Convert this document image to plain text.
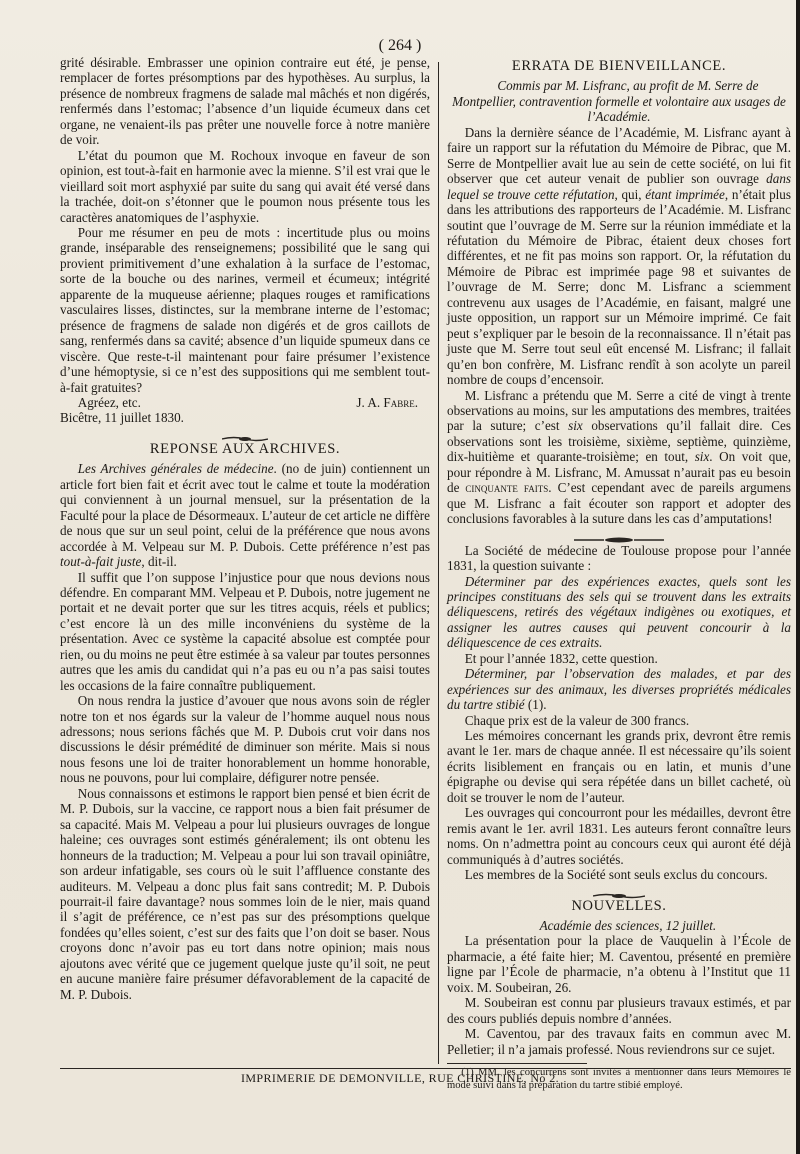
( 264 )

grité désirable. Embrasser une opinion contraire eut été, je pense, remplacer de fortes présomptions par des hypothèses. Au surplus, la présence de nombreux fragmens de salade mal mâchés et non digérés, renfermés dans l’estomac; l’absence d’un liquide écumeux dans cet organe, ne venaient-ils pas prêter une nouvelle force à notre manière de voir.

L’état du poumon que M. Rochoux invoque en faveur de son opinion, est tout-à-fait en harmonie avec la mienne. S’il est vrai que le vieillard soit mort asphyxié par suite du sang qui avait été versé dans la trachée, doit-on s’étonner que le poumon nous présente tous les caractères anatomiques de l’asphyxie.

Pour me résumer en peu de mots : incertitude plus ou moins grande, inséparable des renseignemens; possibilité que le sang qui provient primitivement d’une exhalation à la surface de l’estomac, sorte de la bouche ou des narines, vermeil et écumeux; intégrité apparente de la muqueuse aérienne; plaques rouges et ramifications vasculaires lisses, distinctes, sur la membrane interne de l’estomac; présence de fragmens de salade non digérés et de gros caillots de sang, renfermés dans sa cavité; absence d’un liquide spumeux dans ce viscère. Que reste-t-il maintenant pour faire présumer l’existence d’une hémoptysie, si ce n’est des suppositions qui me semblent tout-à-fait gratuites?

Agréez, etc.	J. A. Fabre.

Bicêtre, 11 juillet 1830.

REPONSE AUX ARCHIVES.

Les Archives générales de médecine. (no de juin) contiennent un article fort bien fait et écrit avec tout le calme et toute la modération qui conviennent à un journal mensuel, sur la présentation de la Faculté pour la place de Désormeaux. L’auteur de cet article ne diffère de nous que sur un seul point, celui de la préférence que nous avons accordée à M. Velpeau sur M. P. Dubois. Cette préférence n’est pas tout-à-fait juste, dit-il.

Il suffit que l’on suppose l’injustice pour que nous devions nous défendre. En comparant MM. Velpeau et P. Dubois, notre jugement ne portait et ne devait porter que sur les titres acquis, réels et publics; c’est encore là un des mille inconvéniens du système de la présentation. Avec ce système la capacité absolue est comptée pour rien, ou du moins ne peut être estimée à sa valeur par toutes personnes autres que les amis du candidat qui n’a pas eu ou n’a pas saisi toutes les occasions de la faire connaître publiquement.

On nous rendra la justice d’avouer que nous avons soin de régler notre ton et nos égards sur la valeur de l’homme auquel nous nous adressons; nous serions fâchés que M. P. Dubois crut voir dans nos discussions le désir prémédité de diminuer son mérite. Mais si nous nous fesons une loi de traiter honorablement un homme honorable, nous ne pouvons, pour lui complaire, défigurer notre pensée.

Nous connaissons et estimons le rapport bien pensé et bien écrit de M. P. Dubois, sur la vaccine, ce rapport nous a bien fait présumer de sa capacité. Mais M. Velpeau a pour lui plusieurs ouvrages de longue haleine; ces ouvrages sont estimés généralement; ils ont obtenu les honneurs de la traduction; M. Velpeau a pour lui son travail opiniâtre, son ardeur infatigable, ses cours où le suit l’affluence constante des auditeurs. M. Velpeau a donc plus fait sans contredit; M. P. Dubois pourrait-il faire davantage? nous sommes loin de le nier, mais quand il s’agit de préférence, ce n’est pas sur des présomptions quelque fondées qu’elles soient, c’est sur des faits que l’on doit se baser. Nous croyons donc n’avoir pas eu tort dans notre opinion; mais nous ajoutons avec vérité que ce jugement quelque juste qu’il soit, ne peut en aucune manière faire présumer défavorablement de la capacité de M. P. Dubois.

ERRATA DE BIENVEILLANCE.

Commis par M. Lisfranc, au profit de M. Serre de Montpellier, contravention formelle et volontaire aux usages de l’Académie.

Dans la dernière séance de l’Académie, M. Lisfranc ayant à faire un rapport sur la réfutation du Mémoire de Pibrac, que M. Serre de Montpellier avait lue au sein de cette société, on lui fit observer que cet auteur venait de publier son ouvrage dans lequel se trouve cette réfutation, qui, étant imprimée, n’était plus dans les attributions des rapporteurs de l’Académie. M. Lisfranc soutint que l’ouvrage de M. Serre sur la réunion immédiate et la réfutation du Mémoire de Pibrac, étaient deux choses fort différentes, et ne fit pas moins son rapport. Or, la réfutation du Mémoire de Pibrac est imprimée page 98 et suivantes de l’ouvrage de M. Serre; donc M. Lisfranc a sciemment contrevenu aux usages de l’Académie, en faisant, malgré une juste opposition, un rapport sur un Mémoire imprimé. Ce fait peut s’expliquer par le besoin de la reconnaissance. Il n’était pas juste que M. Serre tout seul eût encensé M. Lisfranc; il fallait qu’en bon confrère, M. Lisfranc rendît à son acolyte un pareil nombre de coups d’encensoir.

M. Lisfranc a prétendu que M. Serre a cité de vingt à trente observations au moins, sur les amputations des membres, traitées par la suture; c’est six observations qu’il fallait dire. Ces observations sont les troisième, sixième, septième, quinzième, dix-huitième et quarante-troisième; en tout, six. On voit que, pour répondre à M. Lisfranc, M. Amussat n’aurait pas eu besoin de cinquante faits. C’est cependant avec de pareils argumens que M. Lisfranc a fait écouter son rapport et adopter des conclusions favorables à la suture dans les cas d’amputations!

La Société de médecine de Toulouse propose pour l’année 1831, la question suivante :

Déterminer par des expériences exactes, quels sont les principes constituans des sels qui se trouvent dans les extraits déliquescens, retirés des végétaux indigènes ou exotiques, et assigner les autres causes qui peuvent concourir à la déliquescence de ces extraits.

Et pour l’année 1832, cette question.

Déterminer, par l’observation des malades, et par des expériences sur des animaux, les diverses propriétés médicales du tartre stibié (1).

Chaque prix est de la valeur de 300 francs.

Les mémoires concernant les grands prix, devront être remis avant le 1er. mars de chaque année. Il est nécessaire qu’ils soient écrits lisiblement en français ou en latin, et munis d’une épigraphe ou devise qui sera répétée dans un billet cacheté, où doit se trouver le nom de l’auteur.

Les ouvrages qui concourront pour les médailles, devront être remis avant le 1er. avril 1831. Les auteurs feront connaître leurs noms. On n’admettra point au concours ceux qui auront été déjà communiqués à d’autres sociétés.

Les membres de la Société sont seuls exclus du concours.

NOUVELLES.

Académie des sciences, 12 juillet.

La présentation pour la place de Vauquelin à l’École de pharmacie, a été faite hier; M. Caventou, présenté en première ligne par l’École de pharmacie, n’a obtenu à l’Institut que 11 voix. M. Soubeiran, 26.

M. Soubeiran est connu par plusieurs travaux estimés, et par des cours publiés depuis nombre d’années.

M. Caventou, par des travaux faits en commun avec M. Pelletier; il n’a jamais professé. Nous reviendrons sur ce sujet.

(1) MM. les concurrens sont invités à mentionner dans leurs Mémoires le mode suivi dans la préparation du tartre stibié employé.

IMPRIMERIE DE DEMONVILLE, RUE CHRISTINE, No 2.
